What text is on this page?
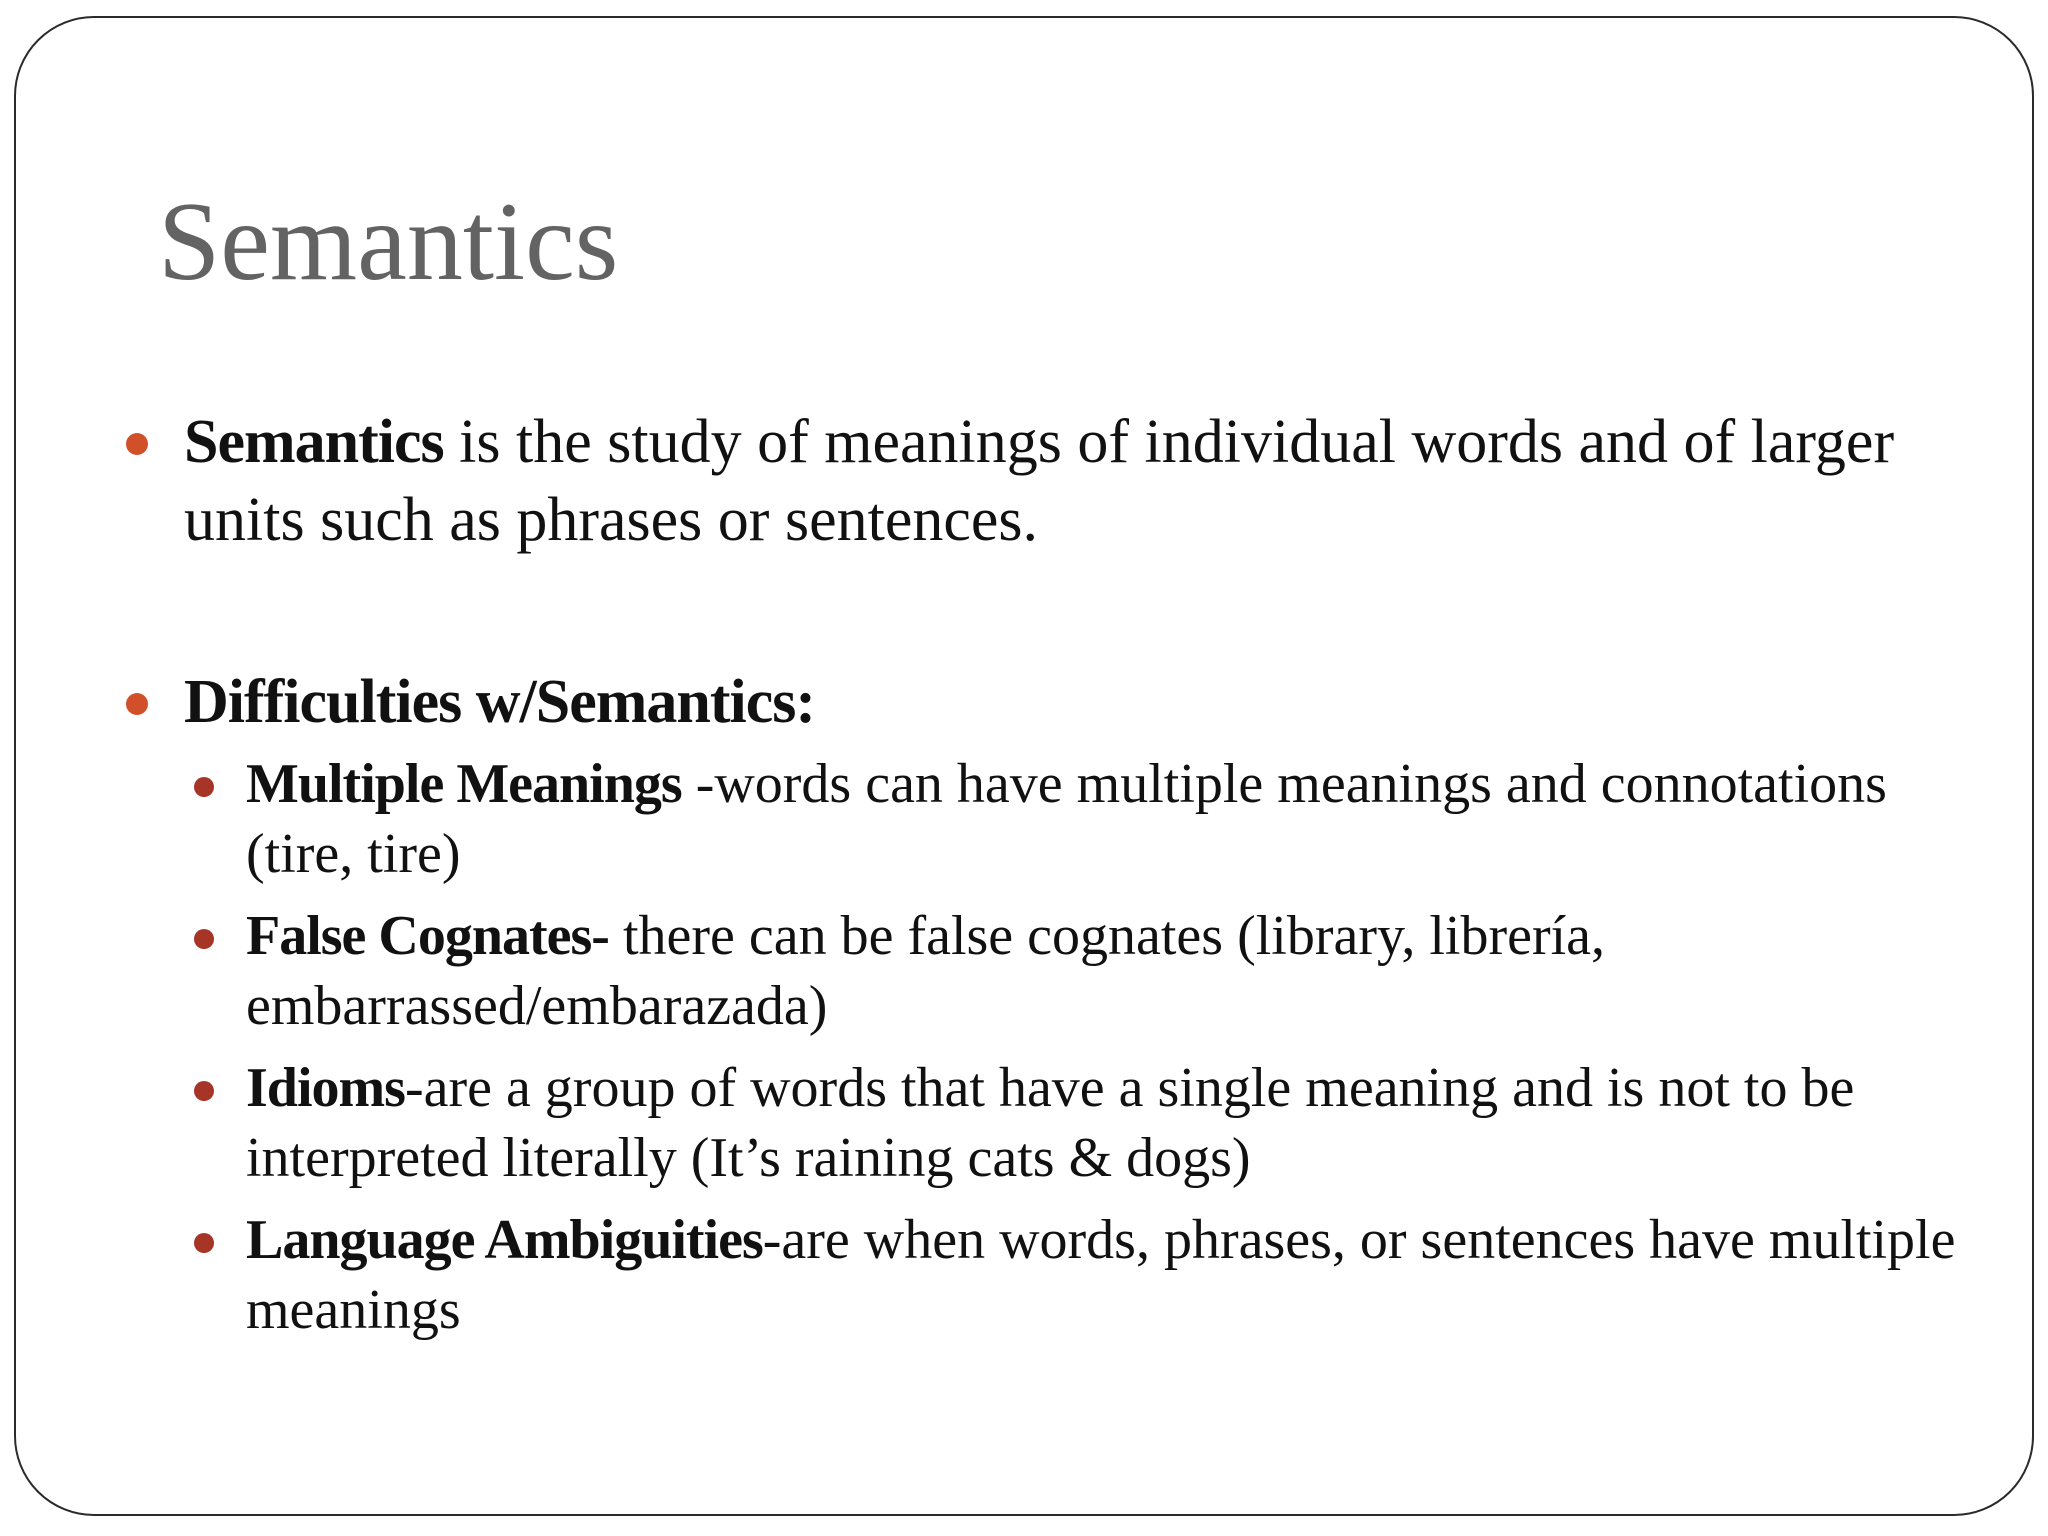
Semantics
Semantics is the study of meanings of individual words and of larger units such as phrases or sentences.
Difficulties w/Semantics:
Multiple Meanings -words can have multiple meanings and connotations (tire, tire)
False Cognates- there can be false cognates (library, librería, embarrassed/embarazada)
Idioms-are a group of words that have a single meaning and is not to be interpreted literally (It’s raining cats & dogs)
Language Ambiguities-are when words, phrases, or sentences have multiple meanings
